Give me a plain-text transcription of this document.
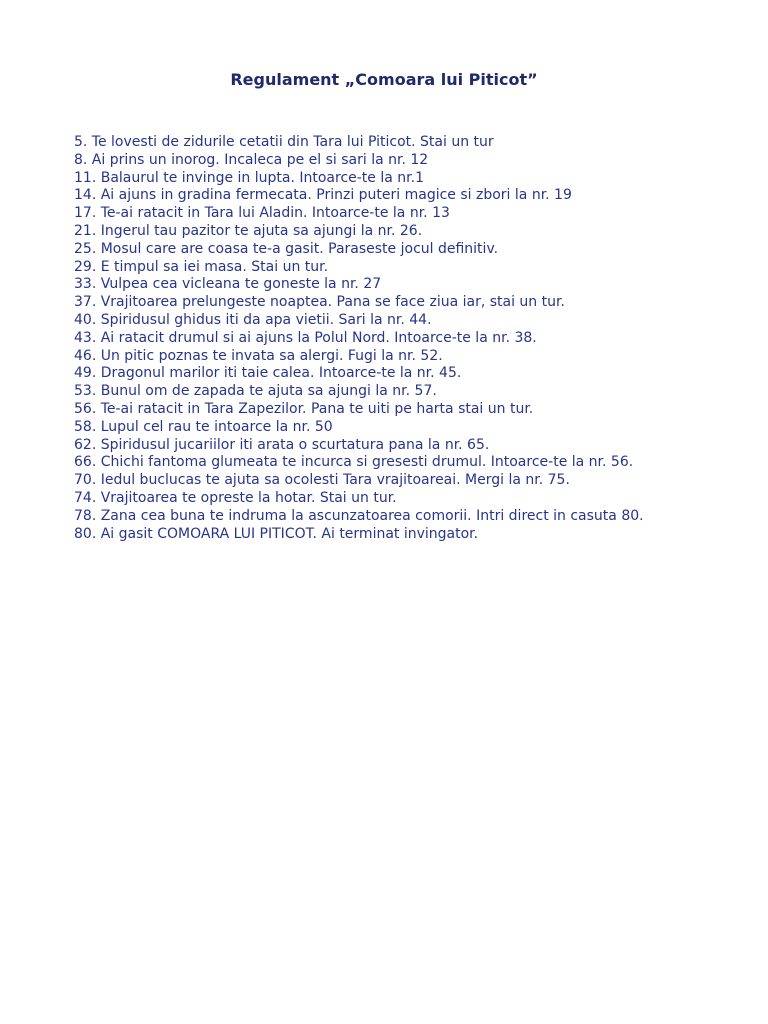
Regulament „Comoara lui Piticot”
5. Te lovesti de zidurile cetatii din Tara lui Piticot. Stai un tur
8. Ai prins un inorog. Incaleca pe el si sari la nr. 12
11. Balaurul te invinge in lupta. Intoarce-te la nr.1
14. Ai ajuns in gradina fermecata. Prinzi puteri magice si zbori la nr. 19
17. Te-ai ratacit in Tara lui Aladin. Intoarce-te la nr. 13
21. Ingerul tau pazitor te ajuta sa ajungi la nr. 26.
25. Mosul care are coasa te-a gasit. Paraseste jocul definitiv.
29. E timpul sa iei masa. Stai un tur.
33. Vulpea cea vicleana te goneste la nr. 27
37. Vrajitoarea prelungeste noaptea. Pana se face ziua iar, stai un tur.
40. Spiridusul ghidus iti da apa vietii. Sari la nr. 44.
43. Ai ratacit drumul si ai ajuns la Polul Nord. Intoarce-te la nr. 38.
46. Un pitic poznas te invata sa alergi. Fugi la nr. 52.
49. Dragonul marilor iti taie calea. Intoarce-te la nr. 45.
53. Bunul om de zapada te ajuta sa ajungi la nr. 57.
56. Te-ai ratacit in Tara Zapezilor. Pana te uiti pe harta stai un tur.
58. Lupul cel rau te intoarce la nr. 50
62. Spiridusul jucariilor iti arata o scurtatura pana la nr. 65.
66. Chichi fantoma glumeata te incurca si gresesti drumul. Intoarce-te la nr. 56.
70. Iedul buclucas te ajuta sa ocolesti Tara vrajitoareai. Mergi la nr. 75.
74. Vrajitoarea te opreste la hotar. Stai un tur.
78. Zana cea buna te indruma la ascunzatoarea comorii. Intri direct in casuta 80.
80. Ai gasit COMOARA LUI PITICOT. Ai terminat invingator.
